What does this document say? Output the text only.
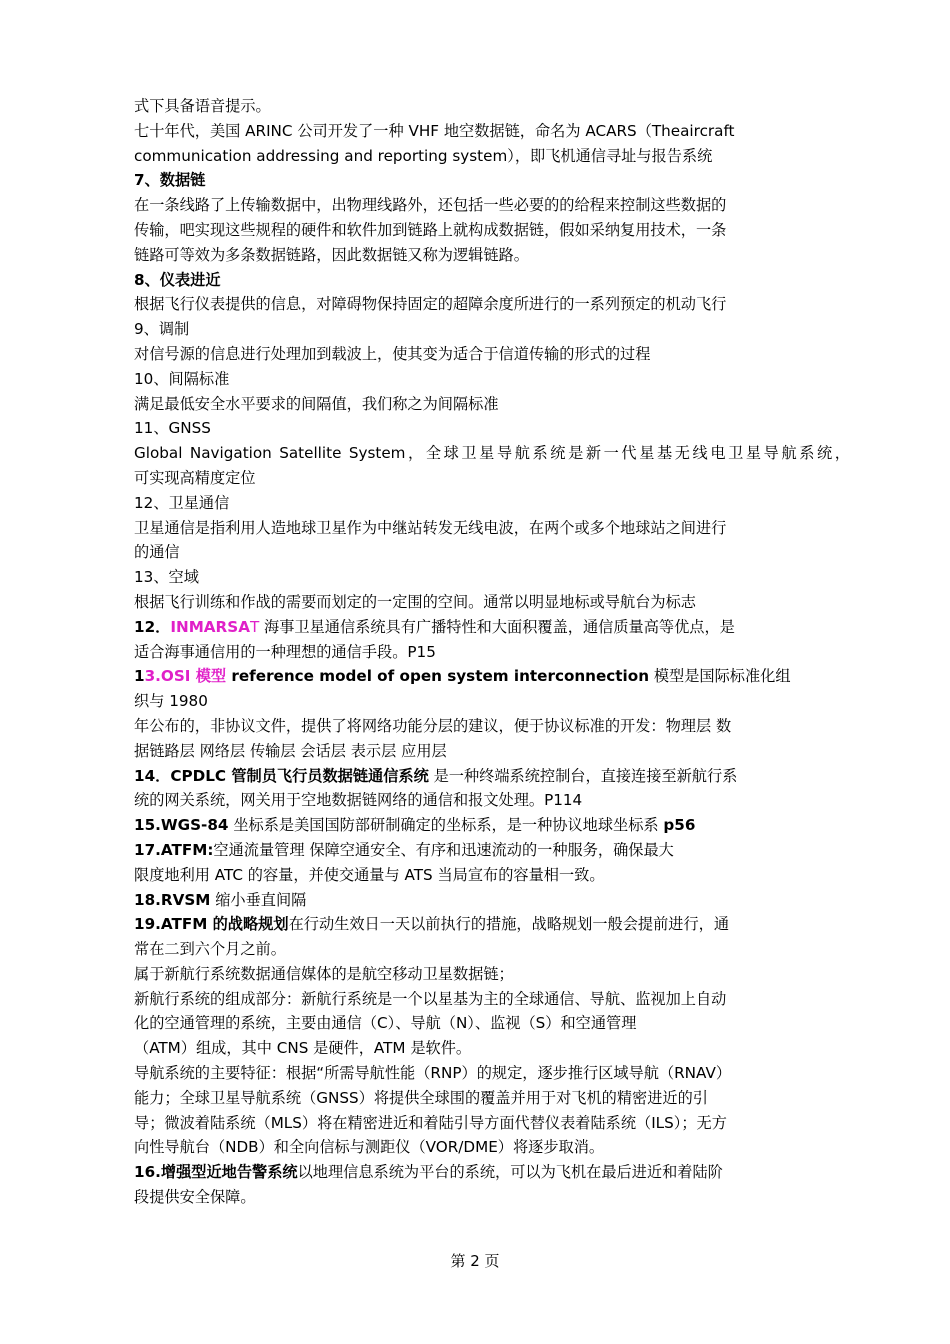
式下具备语音提示。
七十年代，美国 ARINC 公司开发了一种 VHF 地空数据链，命名为 ACARS（Theaircraft
communication addressing and reporting system），即飞机通信寻址与报告系统
7、数据链
在一条线路了上传输数据中，出物理线路外，还包括一些必要的的给程来控制这些数据的
传输，吧实现这些规程的硬件和软件加到链路上就构成数据链，假如采纳复用技术，一条
链路可等效为多条数据链路，因此数据链又称为逻辑链路。
8、仪表进近
根据飞行仪表提供的信息，对障碍物保持固定的超障余度所进行的一系列预定的机动飞行
9、调制
对信号源的信息进行处理加到载波上，使其变为适合于信道传输的形式的过程
10、间隔标准
满足最低安全水平要求的间隔值，我们称之为间隔标准
11、GNSS
Global Navigation Satellite System，全球卫星导航系统是新一代星基无线电卫星导航系统，
可实现高精度定位
12、卫星通信
卫星通信是指利用人造地球卫星作为中继站转发无线电波，在两个或多个地球站之间进行
的通信
13、空域
根据飞行训练和作战的需要而划定的一定围的空间。通常以明显地标或导航台为标志
12．INMARSAT 海事卫星通信系统具有广播特性和大面积覆盖，通信质量高等优点，是
适合海事通信用的一种理想的通信手段。P15
13.OSI 模型 reference model of open system interconnection 模型是国际标准化组
织与 1980
年公布的，非协议文件，提供了将网络功能分层的建议，便于协议标准的开发：物理层 数
据链路层 网络层 传输层 会话层 表示层 应用层
14．CPDLC 管制员飞行员数据链通信系统 是一种终端系统控制台，直接连接至新航行系
统的网关系统，网关用于空地数据链网络的通信和报文处理。P114
15.WGS-84 坐标系是美国国防部研制确定的坐标系，是一种协议地球坐标系 p56
17.ATFM:空通流量管理 保障空通安全、有序和迅速流动的一种服务，确保最大
限度地利用 ATC 的容量，并使交通量与 ATS 当局宣布的容量相一致。
18.RVSM 缩小垂直间隔
19.ATFM 的战略规划在行动生效日一天以前执行的措施，战略规划一般会提前进行，通
常在二到六个月之前。
属于新航行系统数据通信媒体的是航空移动卫星数据链；
新航行系统的组成部分：新航行系统是一个以星基为主的全球通信、导航、监视加上自动
化的空通管理的系统，主要由通信（C）、导航（N）、监视（S）和空通管理
（ATM）组成，其中 CNS 是硬件，ATM 是软件。
导航系统的主要特征：根据“所需导航性能（RNP）的规定，逐步推行区域导航（RNAV）
能力；全球卫星导航系统（GNSS）将提供全球围的覆盖并用于对飞机的精密进近的引
导；微波着陆系统（MLS）将在精密进近和着陆引导方面代替仪表着陆系统（ILS）；无方
向性导航台（NDB）和全向信标与测距仪（VOR/DME）将逐步取消。
16.增强型近地告警系统以地理信息系统为平台的系统，可以为飞机在最后进近和着陆阶
段提供安全保障。
第 2 页
